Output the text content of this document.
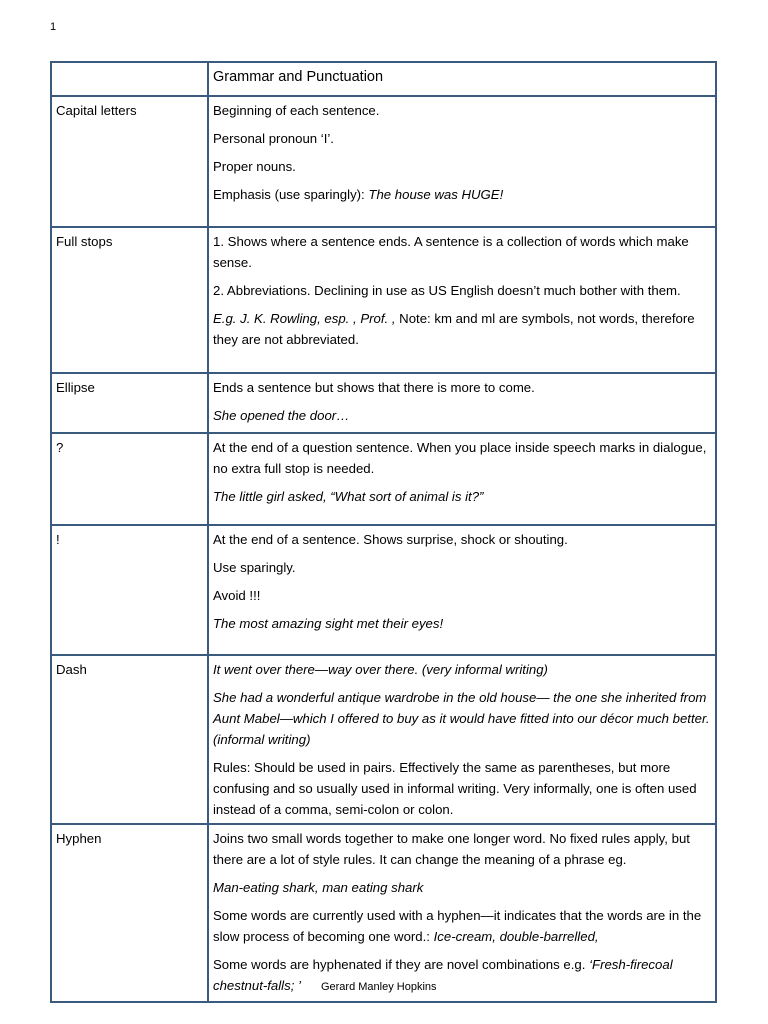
1
	Grammar and Punctuation
Capital letters	Beginning of each sentence.

Personal pronoun ‘I’.

Proper nouns.

Emphasis (use sparingly): The house was HUGE!

Full stops	1. Shows where a sentence ends. A sentence is a collection of words which make sense.

2. Abbreviations. Declining in use as US English doesn’t much bother with them.

E.g. J. K. Rowling, esp. , Prof. , Note: km and ml are symbols, not words, therefore they are not abbreviated.

Ellipse	Ends a sentence but shows that there is more to come.

She opened the door…

?	At the end of a question sentence. When you place inside speech marks in dialogue, no extra full stop is needed.

The little girl asked, “What sort of animal is it?”

!	At the end of a sentence. Shows surprise, shock or shouting.

Use sparingly.

Avoid !!!

The most amazing sight met their eyes!

Dash	It went over there—way over there. (very informal writing)

She had a wonderful antique wardrobe in the old house— the one she inherited from Aunt Mabel—which I offered to buy as it would have fitted into our décor much better. (informal writing)

Rules: Should be used in pairs. Effectively the same as parentheses, but more confusing and so usually used in informal writing. Very informally, one is often used instead of a comma, semi-colon or colon.

Hyphen	Joins two small words together to make one longer word. No fixed rules apply, but there are a lot of style rules. It can change the meaning of a phrase eg.

Man-eating shark, man eating shark

Some words are currently used with a hyphen—it indicates that the words are in the slow process of becoming one word.: Ice-cream, double-barrelled,

Some words are hyphenated if they are novel combinations e.g. ‘Fresh-firecoal chestnut-falls; ’ Gerard Manley Hopkins
